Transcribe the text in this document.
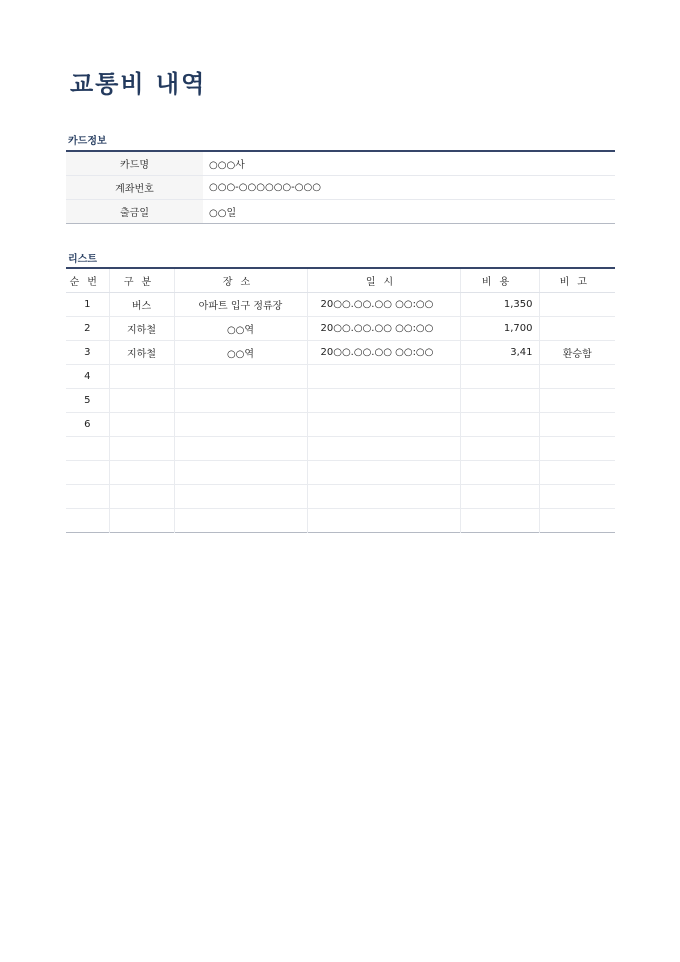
교통비 내역
카드정보
카드명	○○○사
계좌번호	○○○-○○○○○○-○○○
출금일	○○일
리스트
순번	구분	장소	일시	비용	비고
1	버스	아파트 입구 정류장	20○○.○○.○○ ○○:○○	1,350	
2	지하철	○○역	20○○.○○.○○ ○○:○○	1,700	
3	지하철	○○역	20○○.○○.○○ ○○:○○	3,41	환승함
4					
5					
6					
